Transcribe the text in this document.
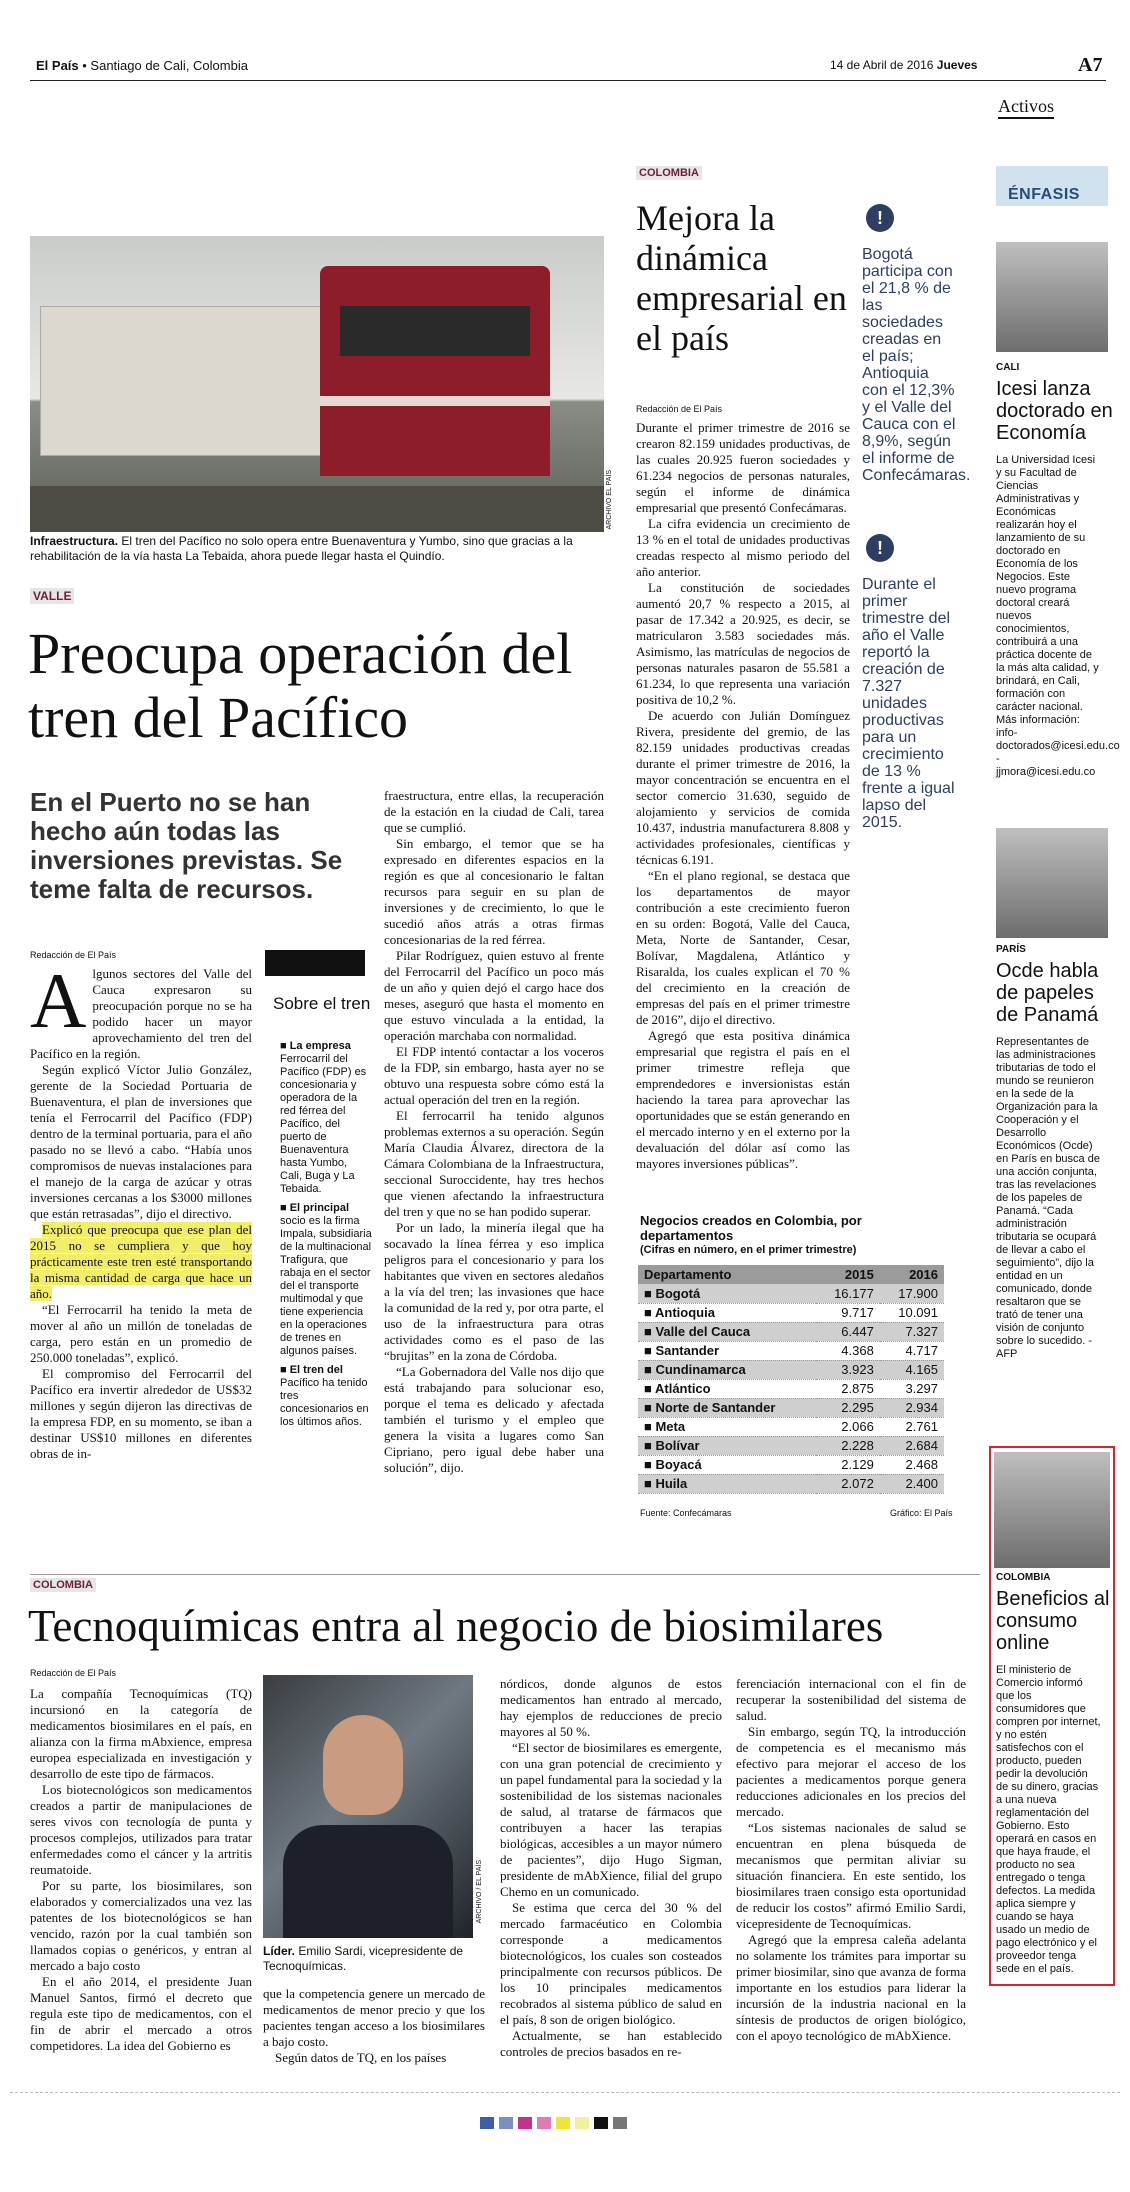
El País • Santiago de Cali, Colombia	14 de Abril de 2016 Jueves	A7
Activos
ARCHIVO EL PAÍS
Infraestructura. El tren del Pacífico no solo opera entre Buenaventura y Yumbo, sino que gracias a la rehabilitación de la vía hasta La Tebaida, ahora puede llegar hasta el Quindío.
VALLE
Preocupa operación del tren del Pacífico
En el Puerto no se han hecho aún todas las inversiones previstas. Se teme falta de recursos.
Redacción de El País
A lgunos sectores del Valle del Cauca expresaron su preocupación porque no se ha podido hacer un mayor aprovechamiento del tren del Pacífico en la región.

Según explicó Víctor Julio González, gerente de la Sociedad Portuaria de Buenaventura, el plan de inversiones que tenía el Ferrocarril del Pacífico (FDP) dentro de la terminal portuaria, para el año pasado no se llevó a cabo. “Había unos compromisos de nuevas instalaciones para el manejo de la carga de azúcar y otras inversiones cercanas a los $3000 millones que están retrasadas”, dijo el directivo.

Explicó que preocupa que ese plan del 2015 no se cumpliera y que hoy prácticamente este tren esté transportando la misma cantidad de carga que hace un año.

“El Ferrocarril ha tenido la meta de mover al año un millón de toneladas de carga, pero están en un promedio de 250.000 toneladas”, explicó.

El compromiso del Ferrocarril del Pacífico era invertir alrededor de US$32 millones y según dijeron las directivas de la empresa FDP, en su momento, se iban a destinar US$10 millones en diferentes obras de in-

Sobre el tren
■ La empresa
Ferrocarril del Pacífico (FDP) es concesionaria y operadora de la red férrea del Pacífico, del puerto de Buenaventura hasta Yumbo, Cali, Buga y La Tebaida.
■ El principal
socio es la firma Impala, subsidiaria de la multinacional Trafigura, que rabaja en el sector del el transporte multimodal y que tiene experiencia en la operaciones de trenes en algunos países.
■ El tren del
Pacífico ha tenido tres concesionarios en los últimos años.

fraestructura, entre ellas, la recuperación de la estación en la ciudad de Cali, tarea que se cumplió.

Sin embargo, el temor que se ha expresado en diferentes espacios en la región es que al concesionario le faltan recursos para seguir en su plan de inversiones y de crecimiento, lo que le sucedió años atrás a otras firmas concesionarias de la red férrea.

Pilar Rodríguez, quien estuvo al frente del Ferrocarril del Pacífico un poco más de un año y quien dejó el cargo hace dos meses, aseguró que hasta el momento en que estuvo vinculada a la entidad, la operación marchaba con normalidad.

El FDP intentó contactar a los voceros de la FDP, sin embargo, hasta ayer no se obtuvo una respuesta sobre cómo está la actual operación del tren en la región.

El ferrocarril ha tenido algunos problemas externos a su operación. Según María Claudia Álvarez, directora de la Cámara Colombiana de la Infraestructura, seccional Suroccidente, hay tres hechos que vienen afectando la infraestructura del tren y que no se han podido superar.

Por un lado, la minería ilegal que ha socavado la línea férrea y eso implica peligros para el concesionario y para los habitantes que viven en sectores aledaños a la vía del tren; las invasiones que hace la comunidad de la red y, por otra parte, el uso de la infraestructura para otras actividades como es el paso de las “brujitas” en la zona de Córdoba.

“La Gobernadora del Valle nos dijo que está trabajando para solucionar eso, porque el tema es delicado y afectada también el turismo y el empleo que genera la visita a lugares como San Cipriano, pero igual debe haber una solución”, dijo.

COLOMBIA
Mejora la dinámica empresarial en el país
Redacción de El País
!
Bogotá participa con el 21,8 % de las sociedades creadas en el país; Antioquia con el 12,3% y el Valle del Cauca con el 8,9%, según el informe de Confecámaras.
!
Durante el primer trimestre del año el Valle reportó la creación de 7.327 unidades productivas para un crecimiento de 13 % frente a igual lapso del 2015.

Durante el primer trimestre de 2016 se crearon 82.159 unidades productivas, de las cuales 20.925 fueron sociedades y 61.234 negocios de personas naturales, según el informe de dinámica empresarial que presentó Confecámaras.

La cifra evidencia un crecimiento de 13 % en el total de unidades productivas creadas respecto al mismo periodo del año anterior.

La constitución de sociedades aumentó 20,7 % respecto a 2015, al pasar de 17.342 a 20.925, es decir, se matricularon 3.583 sociedades más. Asimismo, las matrículas de negocios de personas naturales pasaron de 55.581 a 61.234, lo que representa una variación positiva de 10,2 %.

De acuerdo con Julián Domínguez Rivera, presidente del gremio, de las 82.159 unidades productivas creadas durante el primer trimestre de 2016, la mayor concentración se encuentra en el sector comercio 31.630, seguido de alojamiento y servicios de comida 10.437, industria manufacturera 8.808 y actividades profesionales, científicas y técnicas 6.191.

“En el plano regional, se destaca que los departamentos de mayor contribución a este crecimiento fueron en su orden: Bogotá, Valle del Cauca, Meta, Norte de Santander, Cesar, Bolívar, Magdalena, Atlántico y Risaralda, los cuales explican el 70 % del crecimiento en la creación de empresas del país en el primer trimestre de 2016”, dijo el directivo.

Agregó que esta positiva dinámica empresarial que registra el país en el primer trimestre refleja que emprendedores e inversionistas están haciendo la tarea para aprovechar las oportunidades que se están generando en el mercado interno y en el externo por la devaluación del dólar así como las mayores inversiones públicas”.

Negocios creados en Colombia, por departamentos
(Cifras en número, en el primer trimestre)
Departamento	2015	2016
■ Bogotá	16.177	17.900
■ Antioquia	9.717	10.091
■ Valle del Cauca	6.447	7.327
■ Santander	4.368	4.717
■ Cundinamarca	3.923	4.165
■ Atlántico	2.875	3.297
■ Norte de Santander	2.295	2.934
■ Meta	2.066	2.761
■ Bolívar	2.228	2.684
■ Boyacá	2.129	2.468
■ Huila	2.072	2.400
Fuente: Confecámaras	Gráfico: El País
ÉNFASIS
CALI
Icesi lanza doctorado en Economía
La Universidad Icesi y su Facultad de Ciencias Administrativas y Económicas realizarán hoy el lanzamiento de su doctorado en Economía de los Negocios. Este nuevo programa doctoral creará nuevos conocimientos, contribuirá a una práctica docente de la más alta calidad, y brindará, en Cali, formación con carácter nacional. Más información: info-doctorados@icesi.edu.co - jjmora@icesi.edu.co
PARÍS
Ocde habla de papeles de Panamá
Representantes de las administraciones tributarias de todo el mundo se reunieron en la sede de la Organización para la Cooperación y el Desarrollo Económicos (Ocde) en París en busca de una acción conjunta, tras las revelaciones de los papeles de Panamá. “Cada administración tributaria se ocupará de llevar a cabo el seguimiento”, dijo la entidad en un comunicado, donde resaltaron que se trató de tener una visión de conjunto sobre lo sucedido. -AFP
COLOMBIA
Beneficios al consumo online
El ministerio de Comercio informó que los consumidores que compren por internet, y no estén satisfechos con el producto, pueden pedir la devolución de su dinero, gracias a una nueva reglamentación del Gobierno. Esto operará en casos en que haya fraude, el producto no sea entregado o tenga defectos. La medida aplica siempre y cuando se haya usado un medio de pago electrónico y el proveedor tenga sede en el país.
COLOMBIA
Tecnoquímicas entra al negocio de biosimilares
Redacción de El País

La compañía Tecnoquímicas (TQ) incursionó en la categoría de medicamentos biosimilares en el país, en alianza con la firma mAbxience, empresa europea especializada en investigación y desarrollo de este tipo de fármacos.

Los biotecnológicos son medicamentos creados a partir de manipulaciones de seres vivos con tecnología de punta y procesos complejos, utilizados para tratar enfermedades como el cáncer y la artritis reumatoide.

Por su parte, los biosimilares, son elaborados y comercializados una vez las patentes de los biotecnológicos se han vencido, razón por la cual también son llamados copias o genéricos, y entran al mercado a bajo costo

En el año 2014, el presidente Juan Manuel Santos, firmó el decreto que regula este tipo de medicamentos, con el fin de abrir el mercado a otros competidores. La idea del Gobierno es

ARCHIVO / EL PAÍS
Líder. Emilio Sardi, vicepresidente de Tecnoquímicas.

que la competencia genere un mercado de medicamentos de menor precio y que los pacientes tengan acceso a los biosimilares a bajo costo.

Según datos de TQ, en los países

nórdicos, donde algunos de estos medicamentos han entrado al mercado, hay ejemplos de reducciones de precio mayores al 50 %.

“El sector de biosimilares es emergente, con una gran potencial de crecimiento y un papel fundamental para la sociedad y la sostenibilidad de los sistemas nacionales de salud, al tratarse de fármacos que contribuyen a hacer las terapias biológicas, accesibles a un mayor número de pacientes”, dijo Hugo Sigman, presidente de mAbXience, filial del grupo Chemo en un comunicado.

Se estima que cerca del 30 % del mercado farmacéutico en Colombia corresponde a medicamentos biotecnológicos, los cuales son costeados principalmente con recursos públicos. De los 10 principales medicamentos recobrados al sistema público de salud en el país, 8 son de origen biológico.

Actualmente, se han establecido controles de precios basados en re-

ferenciación internacional con el fin de recuperar la sostenibilidad del sistema de salud.

Sin embargo, según TQ, la introducción de competencia es el mecanismo más efectivo para mejorar el acceso de los pacientes a medicamentos porque genera reducciones adicionales en los precios del mercado.

“Los sistemas nacionales de salud se encuentran en plena búsqueda de mecanismos que permitan aliviar su situación financiera. En este sentido, los biosimilares traen consigo esta oportunidad de reducir los costos” afirmó Emilio Sardi, vicepresidente de Tecnoquímicas.

Agregó que la empresa caleña adelanta no solamente los trámites para importar su primer biosimilar, sino que avanza de forma importante en los estudios para liderar la incursión de la industria nacional en la síntesis de productos de origen biológico, con el apoyo tecnológico de mAbXience.
